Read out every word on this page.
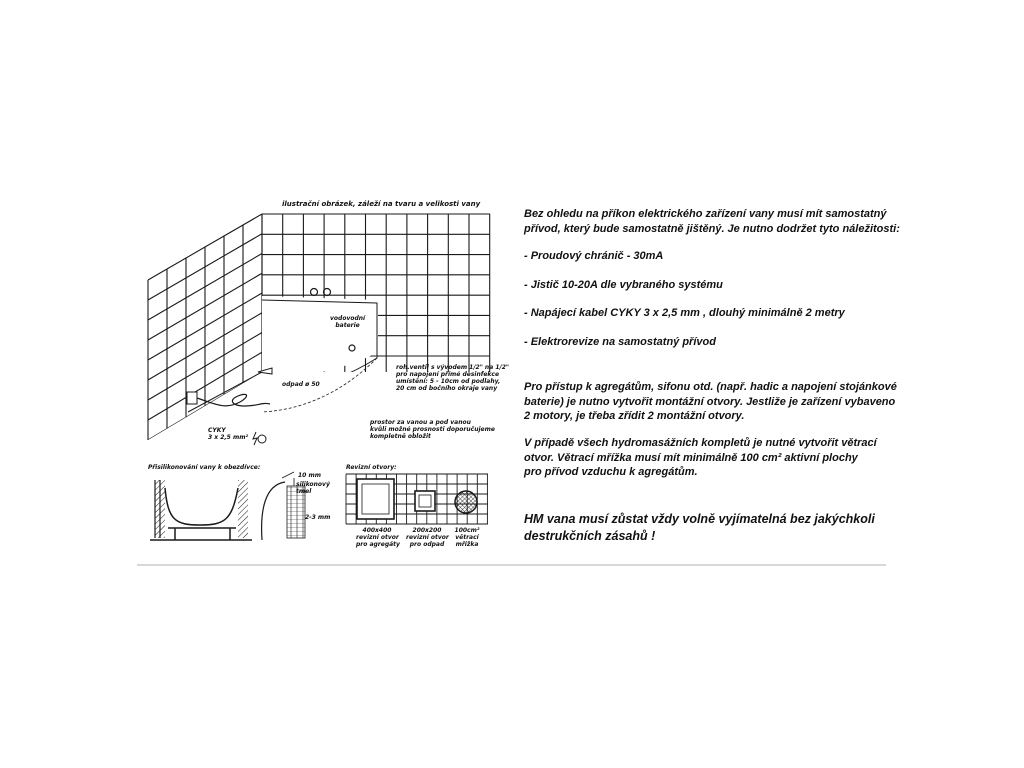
ilustrační obrázek, záleží na tvaru a velikosti vany
vodovodní
baterie
roh.ventil s vývodem 1/2" na 1/2"
pro napojení přímé desinfekce
umístění: 5 - 10cm od podlahy,
20 cm od bočního okraje vany
odpad ø 50
CYKY
3 x 2,5 mm²
prostor za vanou a pod vanou
kvůli možné prosnosti doporučujeme
kompletně obložit
Přisilikonování vany k obezdívce:
10 mm
silikonový
tmel
2-3 mm
Revizní otvory:
400x400
revizní otvor
pro agregáty
200x200
revizní otvor
pro odpad
100cm²
větrací
mřížka
Bez ohledu na příkon elektrického zařízení vany musí mít samostatný
přívod, který bude samostatně jištěný. Je nutno dodržet tyto náležitosti:
- Proudový chránič - 30mA
- Jistič 10-20A dle vybraného systému
- Napájecí kabel CYKY 3 x 2,5 mm , dlouhý minimálně 2 metry
- Elektrorevize na samostatný přívod
Pro přístup k agregátům, sifonu otd. (např. hadic a napojení stojánkové
baterie) je nutno vytvořit montážní otvory. Jestliže je zařízení vybaveno
2 motory, je třeba zřídit 2 montážní otvory.
V případě všech hydromasážních kompletů je nutné vytvořit větrací
otvor. Větrací mřížka musí mít minimálně 100 cm² aktivní plochy
pro přívod vzduchu k agregátům.
HM vana musí zůstat vždy volně vyjímatelná bez jakýchkoli
destrukčních zásahů !
